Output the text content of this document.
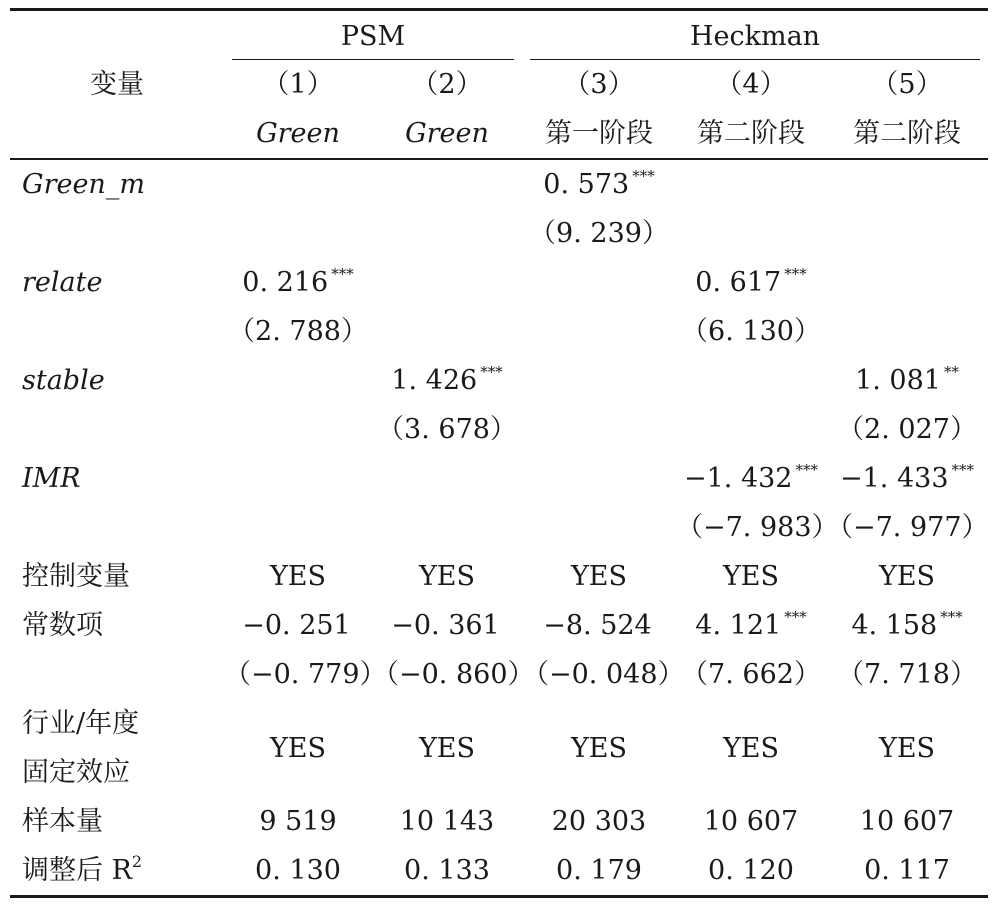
变量	PSM		Heckman		

	（1）	（2）	（3）	（4）	（5）
	Green	Green	第一阶段	第二阶段	第二阶段
Green_m			0. 573 ***		
			（9. 239）		
relate	0. 216 ***			0. 617 ***	
	（2. 788）			（6. 130）	
stable		1. 426 ***			1. 081 **
		（3. 678）			（2. 027）
IMR				−1. 432 ***	−1. 433 ***
				（−7. 983）	（−7. 977）
控制变量	YES	YES	YES	YES	YES
常数项	−0. 251	−0. 361	−8. 524	4. 121 ***	4. 158 ***
	（−0. 779）	（−0. 860）	（−0. 048）	（7. 662）	（7. 718）
行业/年度	YES	YES	YES	YES	YES
固定效应					
样本量	9 519	10 143	20 303	10 607	10 607
调整后 $R^2$	0. 130	0. 133	0. 179	0. 120	0. 117
